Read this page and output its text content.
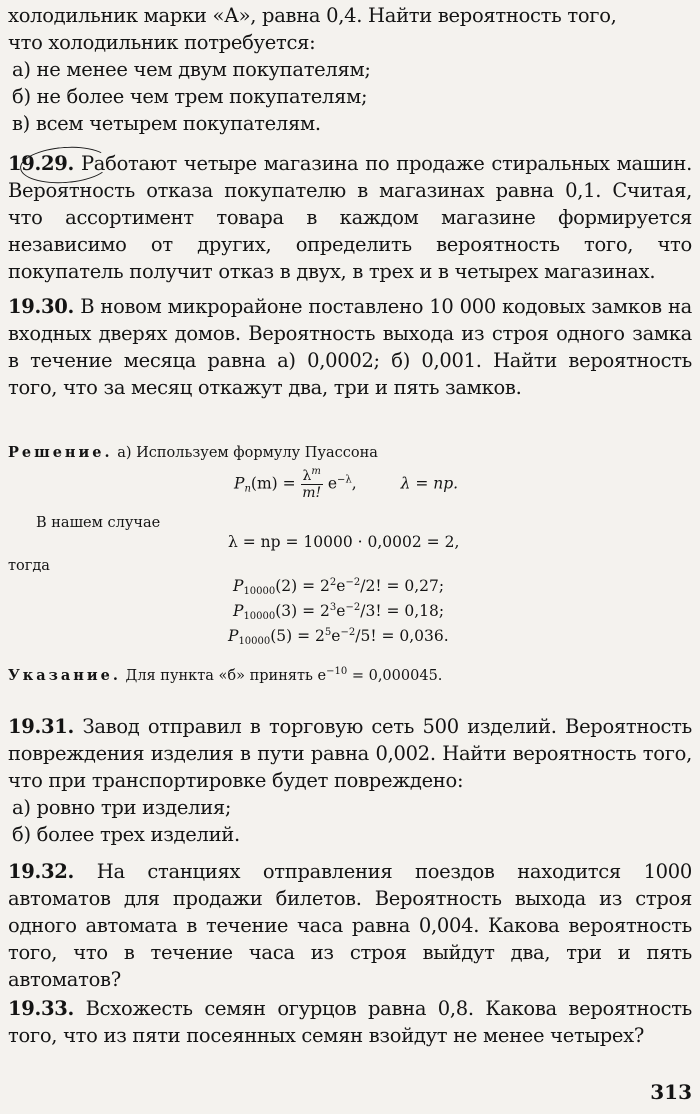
холодильник марки «А», равна 0,4. Найти вероятность того,
что холодильник потребуется:
а) не менее чем двум покупателям;
б) не более чем трем покупателям;
в) всем четырем покупателям.
19.29. Работают четыре магазина по продаже стиральных машин. Вероятность отказа покупателю в магазинах равна 0,1. Считая, что ассортимент товара в каждом магазине формируется независимо от других, определить вероятность того, что покупатель получит отказ в двух, в трех и в четырех магазинах.
19.30. В новом микрорайоне поставлено 10 000 кодовых замков на входных дверях домов. Вероятность выхода из строя одного замка в течение месяца равна а) 0,0002; б) 0,001. Найти вероятность того, что за месяц откажут два, три и пять замков.
Решение. а) Используем формулу Пуассона
$P_n(m) = \frac{\lambda^m}{m!} e^{-\lambda}$,	λ = np.
В нашем случае
λ = np = 10000 · 0,0002 = 2,
тогда
$P_{10000}(2) = 2^2e^{-2}/2$! = 0,27;
$P_{10000}(3) = 2^3e^{-2}/3$! = 0,18;
$P_{10000}(5) = 2^5e^{-2}/5$! = 0,036.
Указание. Для пункта «б» принять $e^{-10} = 0,000045$.
19.31. Завод отправил в торговую сеть 500 изделий. Вероятность повреждения изделия в пути равна 0,002. Найти вероятность того, что при транспортировке будет повреждено:
а) ровно три изделия;
б) более трех изделий.
19.32. На станциях отправления поездов находится 1000 автоматов для продажи билетов. Вероятность выхода из строя одного автомата в течение часа равна 0,004. Какова вероятность того, что в течение часа из строя выйдут два, три и пять автоматов?
19.33. Всхожесть семян огурцов равна 0,8. Какова вероятность того, что из пяти посеянных семян взойдут не менее четырех?
313
